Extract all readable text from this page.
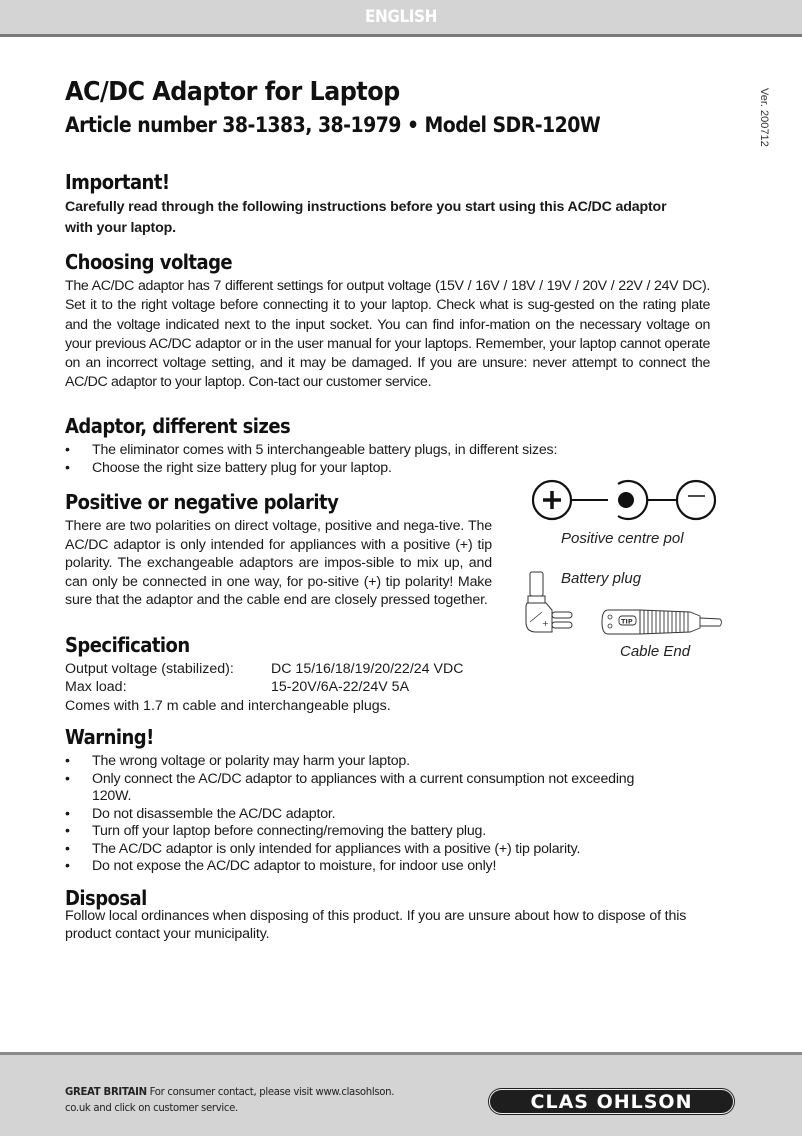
ENGLISH
Ver. 200712
AC/DC Adaptor for Laptop
Article number 38-1383, 38-1979 • Model SDR-120W
Important!

Carefully read through the following instructions before you start using this AC/DC adaptor with your laptop.

Choosing voltage

The AC/DC adaptor has 7 different settings for output voltage (15V / 16V / 18V / 19V / 20V / 22V / 24V DC). Set it to the right voltage before connecting it to your laptop. Check what is sug-gested on the rating plate and the voltage indicated next to the input socket. You can find infor-mation on the necessary voltage on your previous AC/DC adaptor or in the user manual for your laptops. Remember, your laptop cannot operate on an incorrect voltage setting, and it may be damaged. If you are unsure: never attempt to connect the AC/DC adaptor to your laptop. Con-tact our customer service.

Adaptor, different sizes
• The eliminator comes with 5 interchangeable battery plugs, in different sizes:
• Choose the right size battery plug for your laptop.
Positive or negative polarity

There are two polarities on direct voltage, positive and nega-tive. The AC/DC adaptor is only intended for appliances with a positive (+) tip polarity. The exchangeable adaptors are impos-sible to mix up, and can only be connected in one way, for po-sitive (+) tip polarity! Make sure that the adaptor and the cable end are closely pressed together.

Positive centre pol
Battery plug
+	TIP
Cable End
Specification
Output voltage (stabilized):	DC 15/16/18/19/20/22/24 VDC
Max load:	15-20V/6A-22/24V 5A
Comes with 1.7 m cable and interchangeable plugs.
Warning!
• The wrong voltage or polarity may harm your laptop.
• Only connect the AC/DC adaptor to appliances with a current consumption not exceeding 120W.
• Do not disassemble the AC/DC adaptor.
• Turn off your laptop before connecting/removing the battery plug.
• The AC/DC adaptor is only intended for appliances with a positive (+) tip polarity.
• Do not expose the AC/DC adaptor to moisture, for indoor use only!
Disposal

Follow local ordinances when disposing of this product. If you are unsure about how to dispose of this product contact your municipality.

GREAT BRITAIN For consumer contact, please visit www.clasohlson.
co.uk and click on customer service.	CLAS OHLSON
